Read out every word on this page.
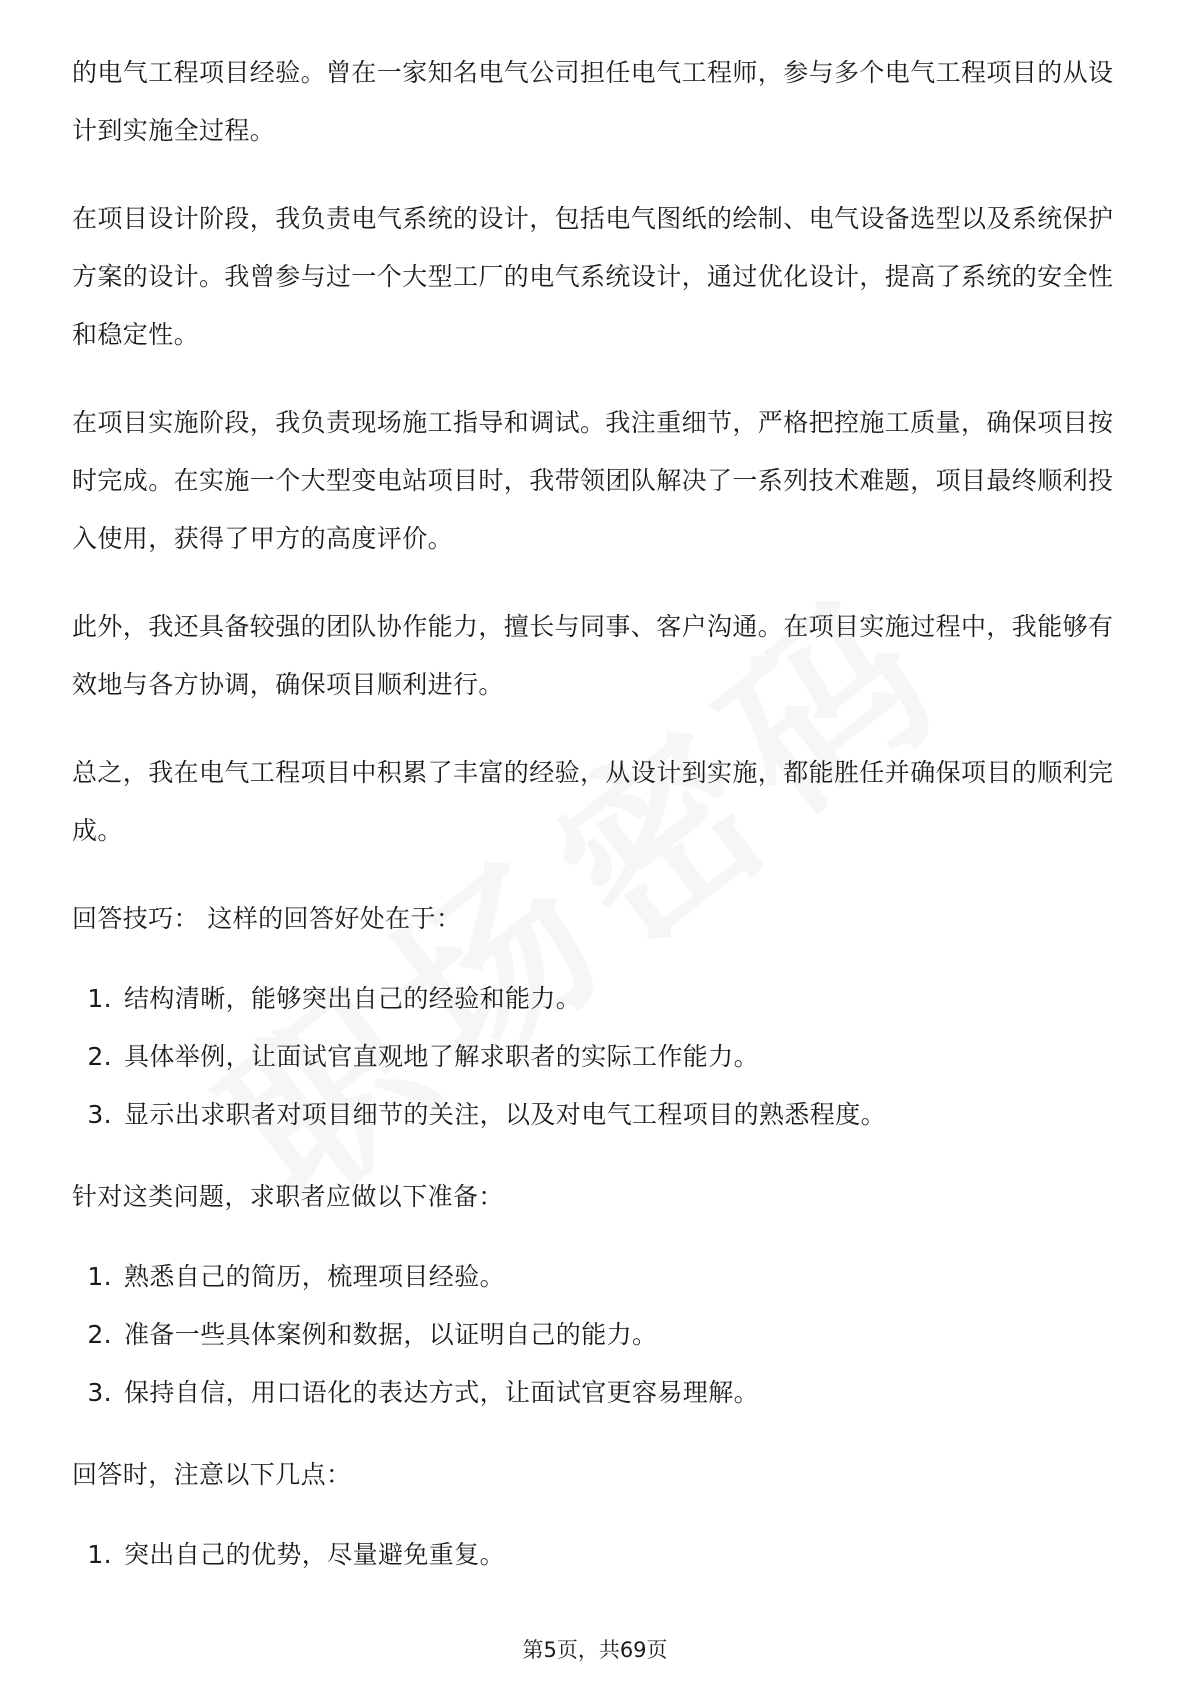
的电气工程项目经验。曾在一家知名电气公司担任电气工程师，参与多个电气工程项目的从设计到实施全过程。

在项目设计阶段，我负责电气系统的设计，包括电气图纸的绘制、电气设备选型以及系统保护方案的设计。我曾参与过一个大型工厂的电气系统设计，通过优化设计，提高了系统的安全性和稳定性。

在项目实施阶段，我负责现场施工指导和调试。我注重细节，严格把控施工质量，确保项目按时完成。在实施一个大型变电站项目时，我带领团队解决了一系列技术难题，项目最终顺利投入使用，获得了甲方的高度评价。

此外，我还具备较强的团队协作能力，擅长与同事、客户沟通。在项目实施过程中，我能够有效地与各方协调，确保项目顺利进行。

总之，我在电气工程项目中积累了丰富的经验，从设计到实施，都能胜任并确保项目的顺利完成。

回答技巧： 这样的回答好处在于：

1. 结构清晰，能够突出自己的经验和能力。
2. 具体举例，让面试官直观地了解求职者的实际工作能力。
3. 显示出求职者对项目细节的关注，以及对电气工程项目的熟悉程度。

针对这类问题，求职者应做以下准备：

1. 熟悉自己的简历，梳理项目经验。
2. 准备一些具体案例和数据，以证明自己的能力。
3. 保持自信，用口语化的表达方式，让面试官更容易理解。

回答时，注意以下几点：

1. 突出自己的优势，尽量避免重复。
第5页，共69页
